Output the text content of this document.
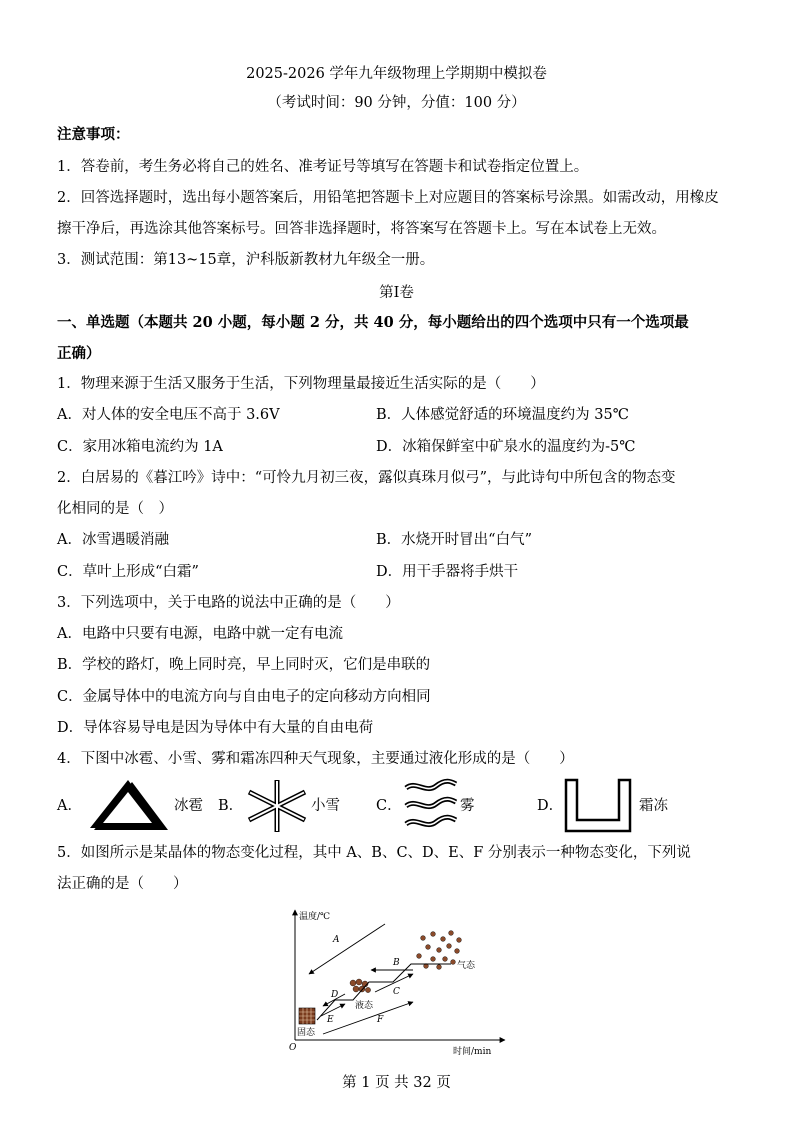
2025-2026 学年九年级物理上学期期中模拟卷
（考试时间：90 分钟，分值：100 分）
注意事项：
1．答卷前，考生务必将自己的姓名、准考证号等填写在答题卡和试卷指定位置上。
2．回答选择题时，选出每小题答案后，用铅笔把答题卡上对应题目的答案标号涂黑。如需改动，用橡皮
擦干净后，再选涂其他答案标号。回答非选择题时，将答案写在答题卡上。写在本试卷上无效。
3．测试范围：第13~15章，沪科版新教材九年级全一册。
第Ⅰ卷
一、单选题（本题共 20 小题，每小题 2 分，共 40 分，每小题给出的四个选项中只有一个选项最
正确）
1．物理来源于生活又服务于生活，下列物理量最接近生活实际的是（　　）
A．对人体的安全电压不高于 3.6V	B．人体感觉舒适的环境温度约为 35℃
C．家用冰箱电流约为 1A	D．冰箱保鲜室中矿泉水的温度约为-5℃
2．白居易的《暮江吟》诗中：“可怜九月初三夜，露似真珠月似弓”，与此诗句中所包含的物态变
化相同的是（　）
A．冰雪遇暖消融	B．水烧开时冒出“白气”
C．草叶上形成“白霜”	D．用干手器将手烘干
3．下列选项中，关于电路的说法中正确的是（　　）
A．电路中只要有电源，电路中就一定有电流
B．学校的路灯，晚上同时亮，早上同时灭，它们是串联的
C．金属导体中的电流方向与自由电子的定向移动方向相同
D．导体容易导电是因为导体中有大量的自由电荷
4．下图中冰雹、小雪、雾和霜冻四种天气现象，主要通过液化形成的是（　　）
A．	冰雹 B．	小雪 C．	雾	D．	霜冻
5．如图所示是某晶体的物态变化过程，其中 A、B、C、D、E、F 分别表示一种物态变化，下列说
法正确的是（　　）
温度/℃
时间/min
O
固态
液态
气态
A
B
C
D
E	F
第 1 页 共 32 页
